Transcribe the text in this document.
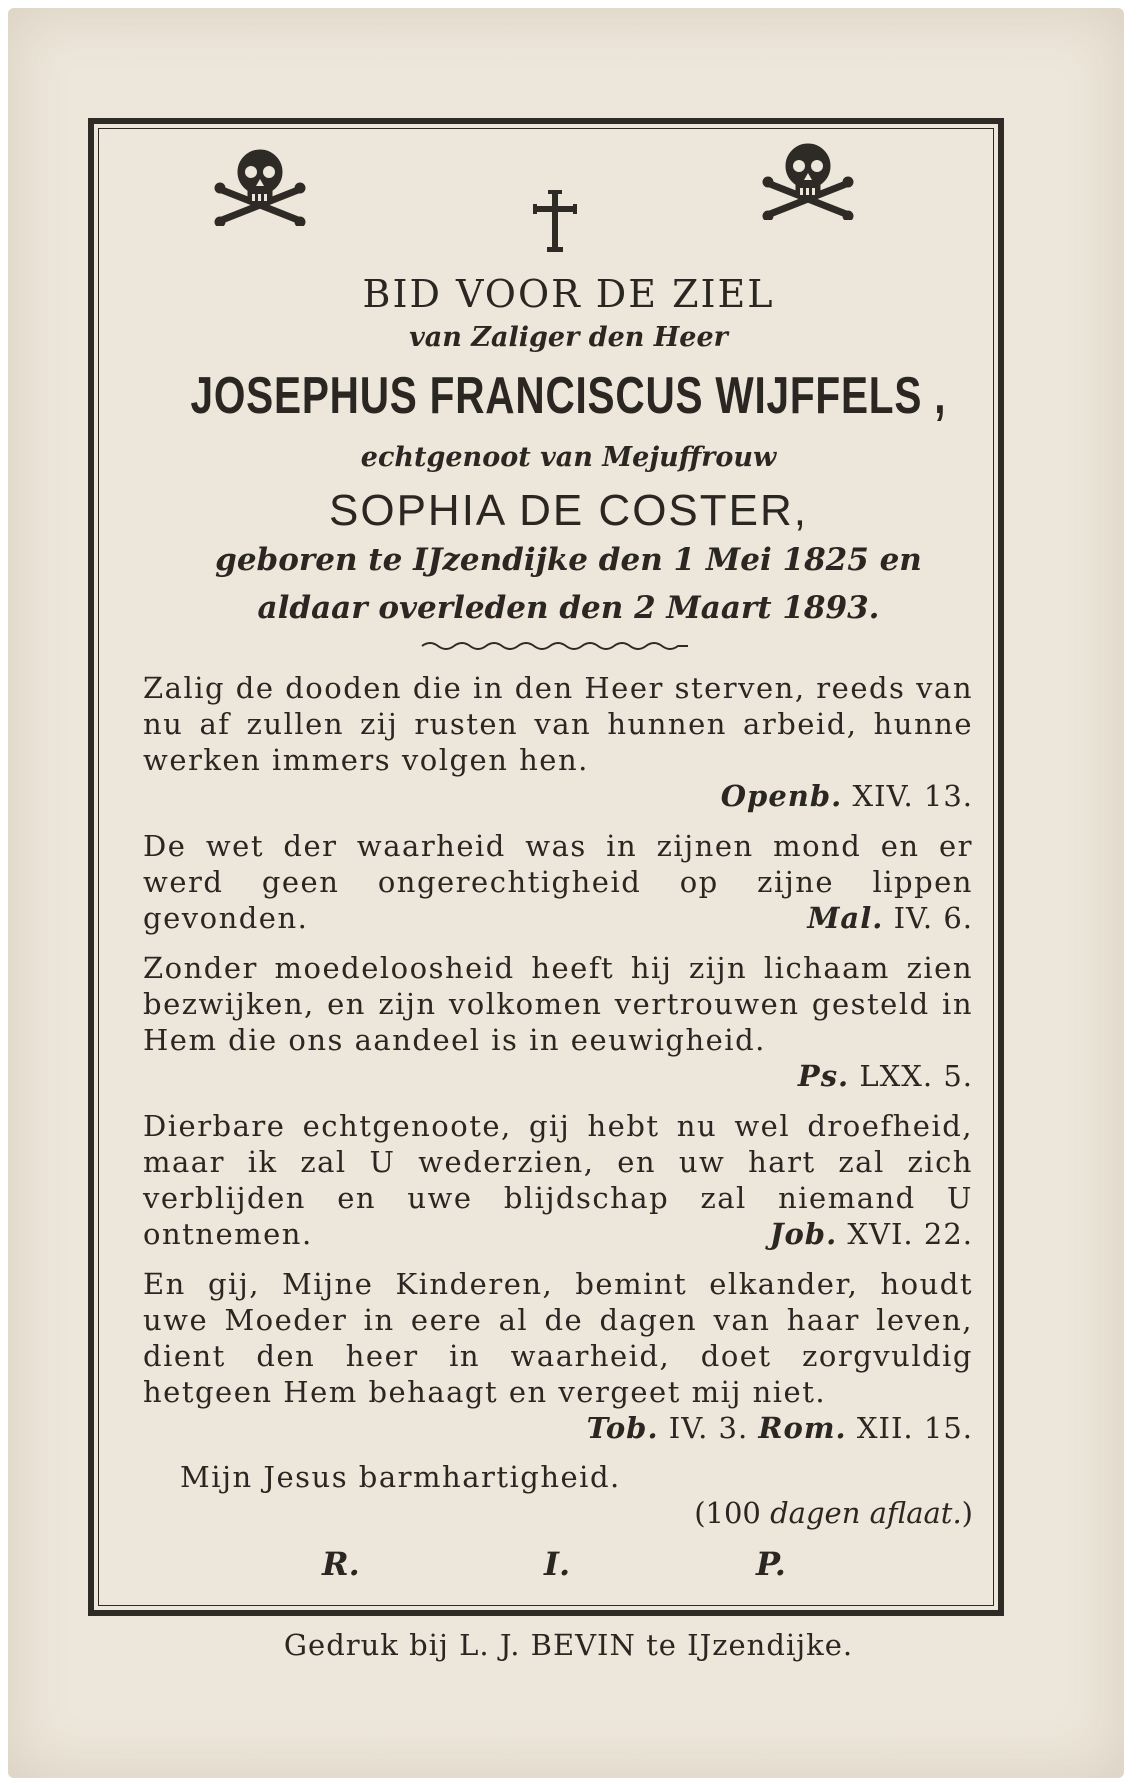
BID VOOR DE ZIEL
van Zaliger den Heer
JOSEPHUS FRANCISCUS WIJFFELS ,
echtgenoot van Mejuffrouw
SOPHIA DE COSTER,
geboren te IJzendijke den 1 Mei 1825 en
aldaar overleden den 2 Maart 1893.
Zalig de dooden die in den Heer sterven, reeds van nu af zullen zij rusten van hunnen arbeid, hunne werken immers volgen hen.
Openb. XIV. 13.
De wet der waarheid was in zijnen mond en er werd geen ongerechtigheid op zijne lippen gevonden.	Mal. IV. 6.
Zonder moedeloosheid heeft hij zijn lichaam zien bezwijken, en zijn volkomen vertrouwen gesteld in Hem die ons aandeel is in eeuwigheid.
Ps. LXX. 5.
Dierbare echtgenoote, gij hebt nu wel droefheid, maar ik zal U wederzien, en uw hart zal zich verblijden en uwe blijdschap zal niemand U ontnemen.	Job. XVI. 22.
En gij, Mijne Kinderen, bemint elkander, houdt uwe Moeder in eere al de dagen van haar leven, dient den heer in waarheid, doet zorgvuldig hetgeen Hem behaagt en vergeet mij niet.
Tob. IV. 3. Rom. XII. 15.
Mijn Jesus barmhartigheid.
(100 dagen aflaat.)
R.	I.	P.
Gedruk bij L. J. BEVIN te IJzendijke.
